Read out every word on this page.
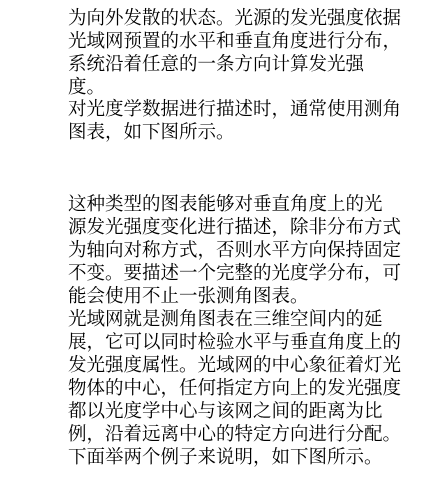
为向外发散的状态。光源的发光强度依据
光域网预置的水平和垂直角度进行分布，
系统沿着任意的一条方向计算发光强
度。
对光度学数据进行描述时，通常使用测角
图表，如下图所示。
这种类型的图表能够对垂直角度上的光
源发光强度变化进行描述，除非分布方式
为轴向对称方式，否则水平方向保持固定
不变。要描述一个完整的光度学分布，可
能会使用不止一张测角图表。
光域网就是测角图表在三维空间内的延
展，它可以同时检验水平与垂直角度上的
发光强度属性。光域网的中心象征着灯光
物体的中心，任何指定方向上的发光强度
都以光度学中心与该网之间的距离为比
例，沿着远离中心的特定方向进行分配。
下面举两个例子来说明，如下图所示。
